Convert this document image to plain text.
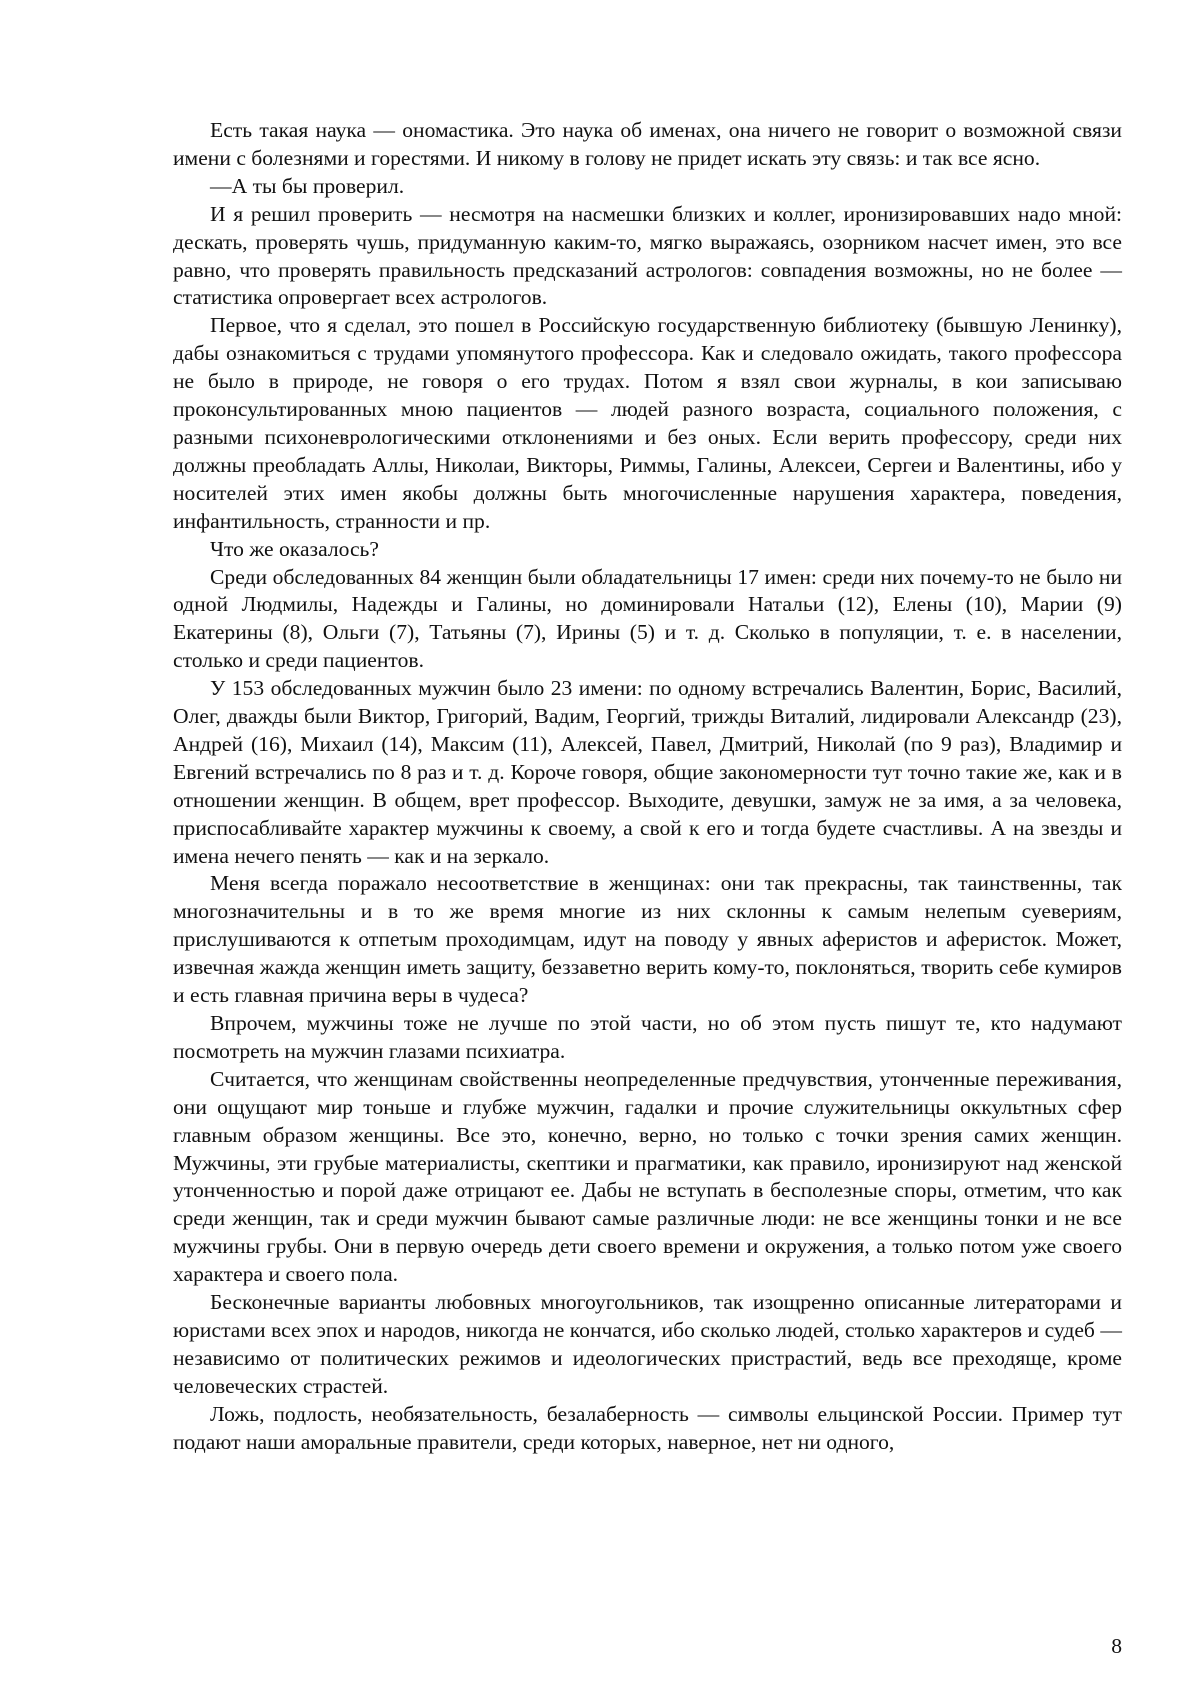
Есть такая наука — ономастика. Это наука об именах, она ничего не говорит о возможной связи имени с болезнями и горестями. И никому в голову не придет искать эту связь: и так все ясно.

—А ты бы проверил.

И я решил проверить — несмотря на насмешки близких и коллег, иронизировавших надо мной: дескать, проверять чушь, придуманную каким-то, мягко выражаясь, озорником насчет имен, это все равно, что проверять правильность предсказаний астрологов: совпадения возможны, но не более — статистика опровергает всех астрологов.

Первое, что я сделал, это пошел в Российскую государственную библиотеку (бывшую Ленинку), дабы ознакомиться с трудами упомянутого профессора. Как и следовало ожидать, такого профессора не было в природе, не говоря о его трудах. Потом я взял свои журналы, в кои записываю проконсультированных мною пациентов — людей разного возраста, социального положения, с разными психоневрологическими отклонениями и без оных. Если верить профессору, среди них должны преобладать Аллы, Николаи, Викторы, Риммы, Галины, Алексеи, Сергеи и Валентины, ибо у носителей этих имен якобы должны быть многочисленные нарушения характера, поведения, инфантильность, странности и пр.

Что же оказалось?

Среди обследованных 84 женщин были обладательницы 17 имен: среди них почему-то не было ни одной Людмилы, Надежды и Галины, но доминировали Натальи (12), Елены (10), Марии (9) Екатерины (8), Ольги (7), Татьяны (7), Ирины (5) и т. д. Сколько в популяции, т. е. в населении, столько и среди пациентов.

У 153 обследованных мужчин было 23 имени: по одному встречались Валентин, Борис, Василий, Олег, дважды были Виктор, Григорий, Вадим, Георгий, трижды Виталий, лидировали Александр (23), Андрей (16), Михаил (14), Максим (11), Алексей, Павел, Дмитрий, Николай (по 9 раз), Владимир и Евгений встречались по 8 раз и т. д. Короче говоря, общие закономерности тут точно такие же, как и в отношении женщин. В общем, врет профессор. Выходите, девушки, замуж не за имя, а за человека, приспосабливайте характер мужчины к своему, а свой к его и тогда будете счастливы. А на звезды и имена нечего пенять — как и на зеркало.

Меня всегда поражало несоответствие в женщинах: они так прекрасны, так таинственны, так многозначительны и в то же время многие из них склонны к самым нелепым суевериям, прислушиваются к отпетым проходимцам, идут на поводу у явных аферистов и аферисток. Может, извечная жажда женщин иметь защиту, беззаветно верить кому-то, поклоняться, творить себе кумиров и есть главная причина веры в чудеса?

Впрочем, мужчины тоже не лучше по этой части, но об этом пусть пишут те, кто надумают посмотреть на мужчин глазами психиатра.

Считается, что женщинам свойственны неопределенные предчувствия, утонченные переживания, они ощущают мир тоньше и глубже мужчин, гадалки и прочие служительницы оккультных сфер главным образом женщины. Все это, конечно, верно, но только с точки зрения самих женщин. Мужчины, эти грубые материалисты, скептики и прагматики, как правило, иронизируют над женской утонченностью и порой даже отрицают ее. Дабы не вступать в бесполезные споры, отметим, что как среди женщин, так и среди мужчин бывают самые различные люди: не все женщины тонки и не все мужчины грубы. Они в первую очередь дети своего времени и окружения, а только потом уже своего характера и своего пола.

Бесконечные варианты любовных многоугольников, так изощренно описанные литераторами и юристами всех эпох и народов, никогда не кончатся, ибо сколько людей, столько характеров и судеб — независимо от политических режимов и идеологических пристрастий, ведь все преходяще, кроме человеческих страстей.

Ложь, подлость, необязательность, безалаберность — символы ельцинской России. Пример тут подают наши аморальные правители, среди которых, наверное, нет ни одного,

8
